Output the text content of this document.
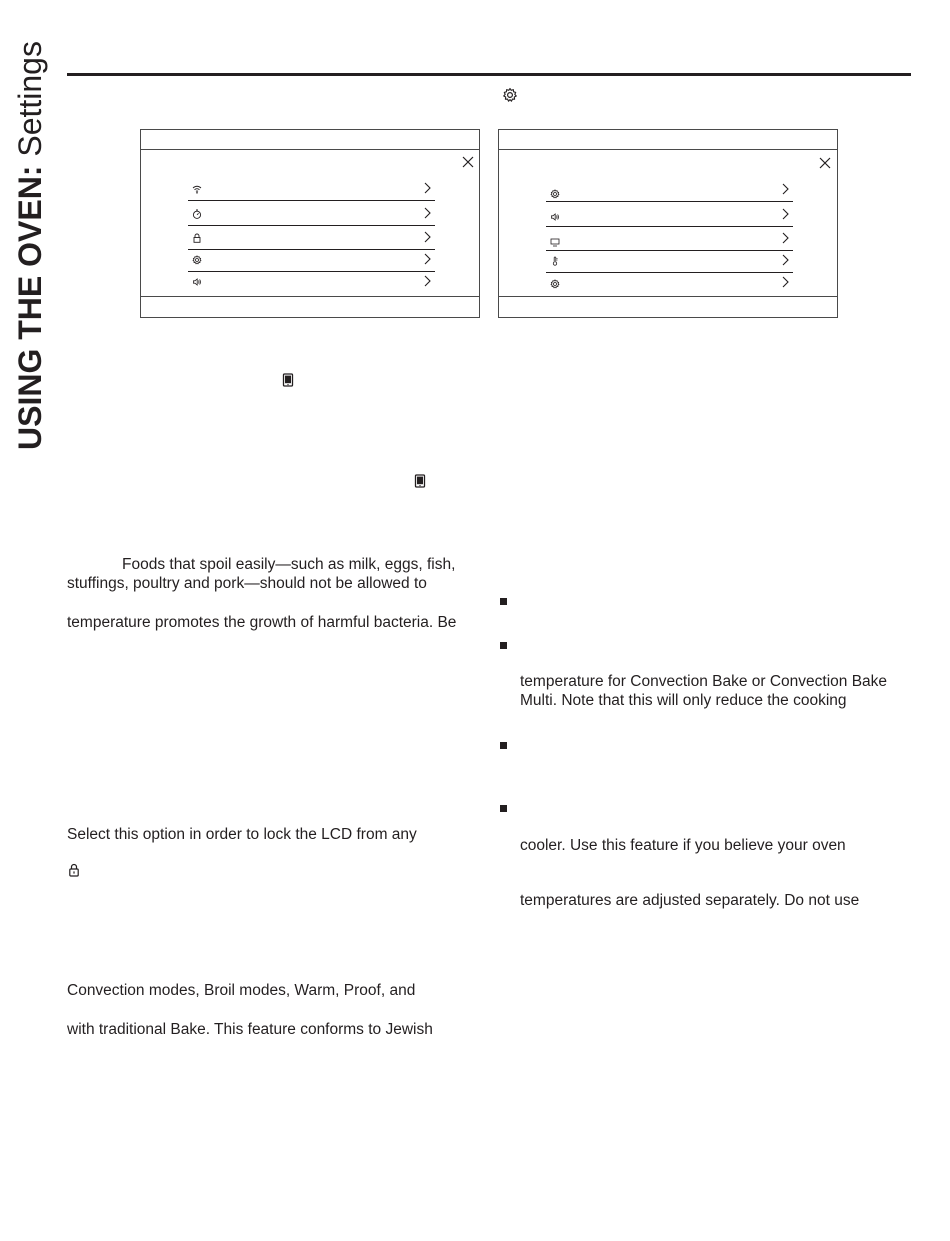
USING THE OVEN: Settings

Foods that spoil easily—such as milk, eggs, fish,

stuffings, poultry and pork—should not be allowed to

temperature promotes the growth of harmful bacteria. Be

Select this option in order to lock the LCD from any

Convection modes, Broil modes, Warm, Proof, and

with traditional Bake. This feature conforms to Jewish

temperature for Convection Bake or Convection Bake

Multi. Note that this will only reduce the cooking

cooler. Use this feature if you believe your oven

temperatures are adjusted separately. Do not use
